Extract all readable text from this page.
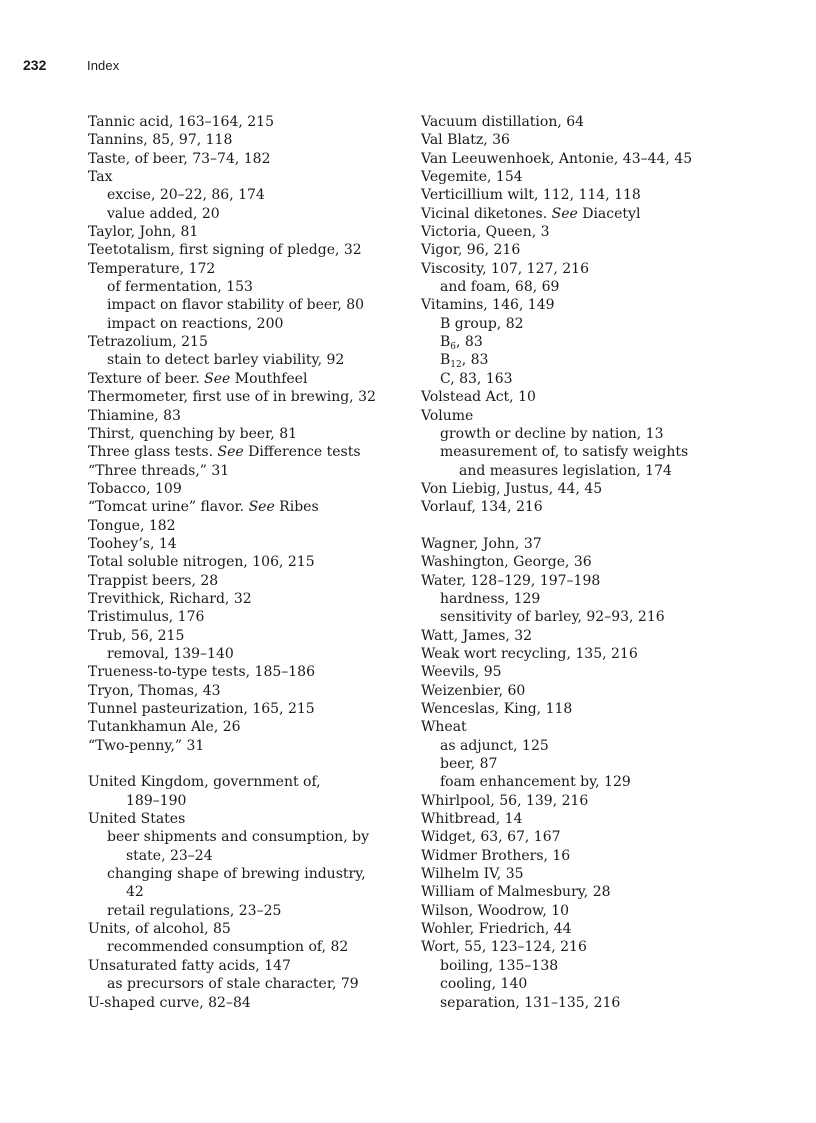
232	Index
Tannic acid, 163–164, 215
Tannins, 85, 97, 118
Taste, of beer, 73–74, 182
Tax
excise, 20–22, 86, 174
value added, 20
Taylor, John, 81
Teetotalism, first signing of pledge, 32
Temperature, 172
of fermentation, 153
impact on flavor stability of beer, 80
impact on reactions, 200
Tetrazolium, 215
stain to detect barley viability, 92
Texture of beer. See Mouthfeel
Thermometer, first use of in brewing, 32
Thiamine, 83
Thirst, quenching by beer, 81
Three glass tests. See Difference tests
“Three threads,” 31
Tobacco, 109
“Tomcat urine” flavor. See Ribes
Tongue, 182
Toohey’s, 14
Total soluble nitrogen, 106, 215
Trappist beers, 28
Trevithick, Richard, 32
Tristimulus, 176
Trub, 56, 215
removal, 139–140
Trueness-to-type tests, 185–186
Tryon, Thomas, 43
Tunnel pasteurization, 165, 215
Tutankhamun Ale, 26
“Two-penny,” 31
United Kingdom, government of,
189–190
United States
beer shipments and consumption, by
state, 23–24
changing shape of brewing industry,
42
retail regulations, 23–25
Units, of alcohol, 85
recommended consumption of, 82
Unsaturated fatty acids, 147
as precursors of stale character, 79
U-shaped curve, 82–84
Vacuum distillation, 64
Val Blatz, 36
Van Leeuwenhoek, Antonie, 43–44, 45
Vegemite, 154
Verticillium wilt, 112, 114, 118
Vicinal diketones. See Diacetyl
Victoria, Queen, 3
Vigor, 96, 216
Viscosity, 107, 127, 216
and foam, 68, 69
Vitamins, 146, 149
B group, 82
$B_6$, 83
$B_{12}$, 83
C, 83, 163
Volstead Act, 10
Volume
growth or decline by nation, 13
measurement of, to satisfy weights
and measures legislation, 174
Von Liebig, Justus, 44, 45
Vorlauf, 134, 216
Wagner, John, 37
Washington, George, 36
Water, 128–129, 197–198
hardness, 129
sensitivity of barley, 92–93, 216
Watt, James, 32
Weak wort recycling, 135, 216
Weevils, 95
Weizenbier, 60
Wenceslas, King, 118
Wheat
as adjunct, 125
beer, 87
foam enhancement by, 129
Whirlpool, 56, 139, 216
Whitbread, 14
Widget, 63, 67, 167
Widmer Brothers, 16
Wilhelm IV, 35
William of Malmesbury, 28
Wilson, Woodrow, 10
Wohler, Friedrich, 44
Wort, 55, 123–124, 216
boiling, 135–138
cooling, 140
separation, 131–135, 216
